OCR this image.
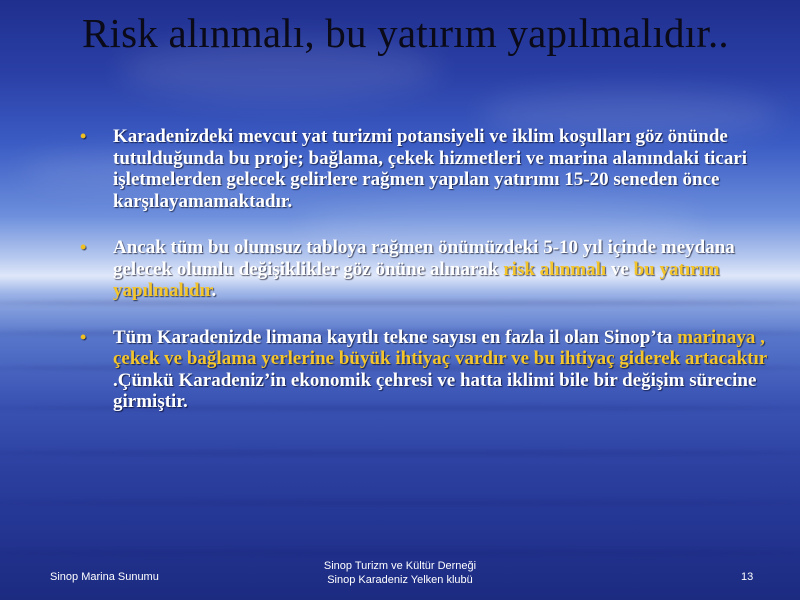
Risk alınmalı, bu yatırım yapılmalıdır..
• Karadenizdeki mevcut yat turizmi potansiyeli ve iklim koşulları göz önünde tutulduğunda bu proje; bağlama, çekek hizmetleri ve marina alanındaki ticari işletmelerden gelecek gelirlere rağmen yapılan yatırımı 15-20 seneden önce karşılayamamaktadır.
• Ancak tüm bu olumsuz tabloya rağmen önümüzdeki 5-10 yıl içinde meydana gelecek olumlu değişiklikler göz önüne alınarak risk alınmalı ve bu yatırım yapılmalıdır.
• Tüm Karadenizde limana kayıtlı tekne sayısı en fazla il olan Sinop’ta marinaya , çekek ve bağlama yerlerine büyük ihtiyaç vardır ve bu ihtiyaç giderek artacaktır .Çünkü Karadeniz’in ekonomik çehresi ve hatta iklimi bile bir değişim sürecine girmiştir.
Sinop Marina Sunumu
Sinop Turizm ve Kültür Derneği
Sinop Karadeniz Yelken klubü	13
